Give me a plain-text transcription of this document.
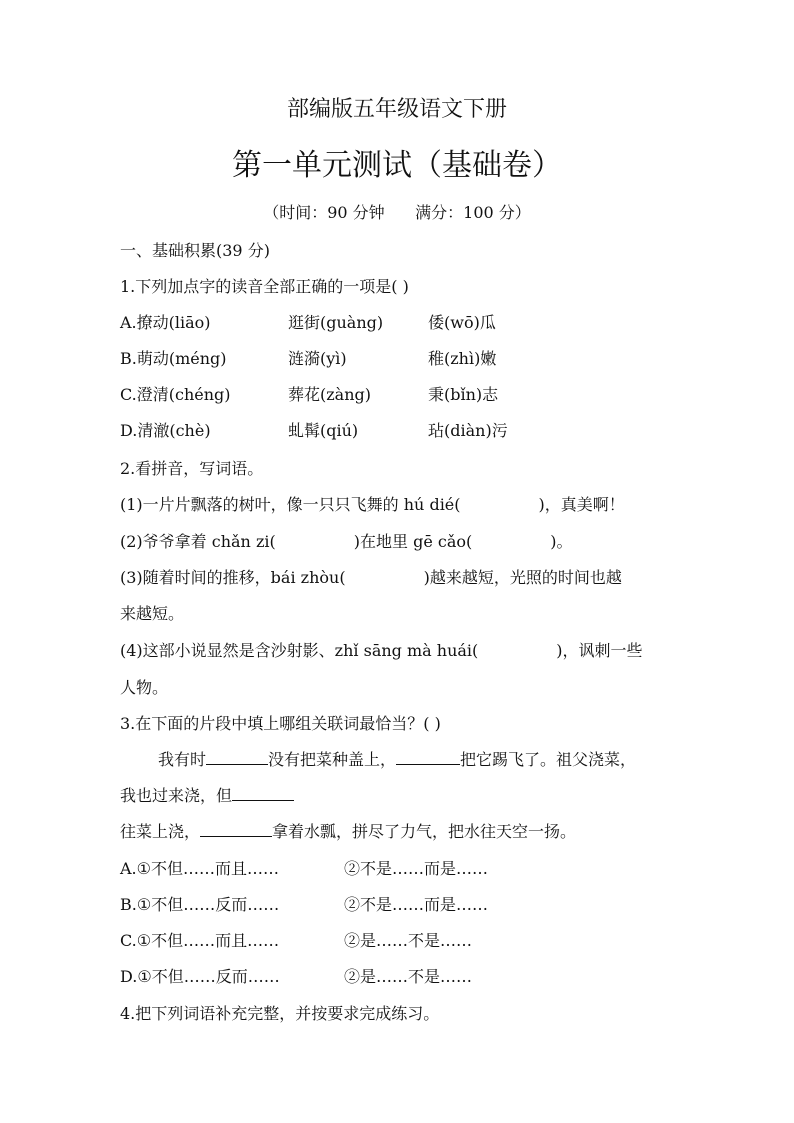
部编版五年级语文下册
第一单元测试（基础卷）
（时间：90 分钟      满分：100 分）
一、基础积累(39 分)
1.下列加点字的读音全部正确的一项是( )
A.撩动(liāo)	逛街(guàng)	倭(wō)瓜
B.萌动(méng)	涟漪(yì)	稚(zhì)嫩
C.澄清(chéng)	葬花(zàng)	秉(bǐn)志
D.清澈(chè)	虬髯(qiú)	玷(diàn)污
2.看拼音，写词语。
(1)一片片飘落的树叶，像一只只飞舞的 hú dié(	)，真美啊！
(2)爷爷拿着 chǎn zi(	)在地里 gē cǎo(	)。
(3)随着时间的推移，bái zhòu(	)越来越短，光照的时间也越
来越短。
(4)这部小说显然是含沙射影、zhǐ sāng mà huái(	)，讽刺一些
人物。
3.在下面的片段中填上哪组关联词最恰当？( )
我有时	没有把菜种盖上，	把它踢飞了。祖父浇菜，
我也过来浇，但
往菜上浇，	拿着水瓢，拼尽了力气，把水往天空一扬。
A.①不但……而且……	②不是……而是……
B.①不但……反而……	②不是……而是……
C.①不但……而且……	②是……不是……
D.①不但……反而……	②是……不是……
4.把下列词语补充完整，并按要求完成练习。
